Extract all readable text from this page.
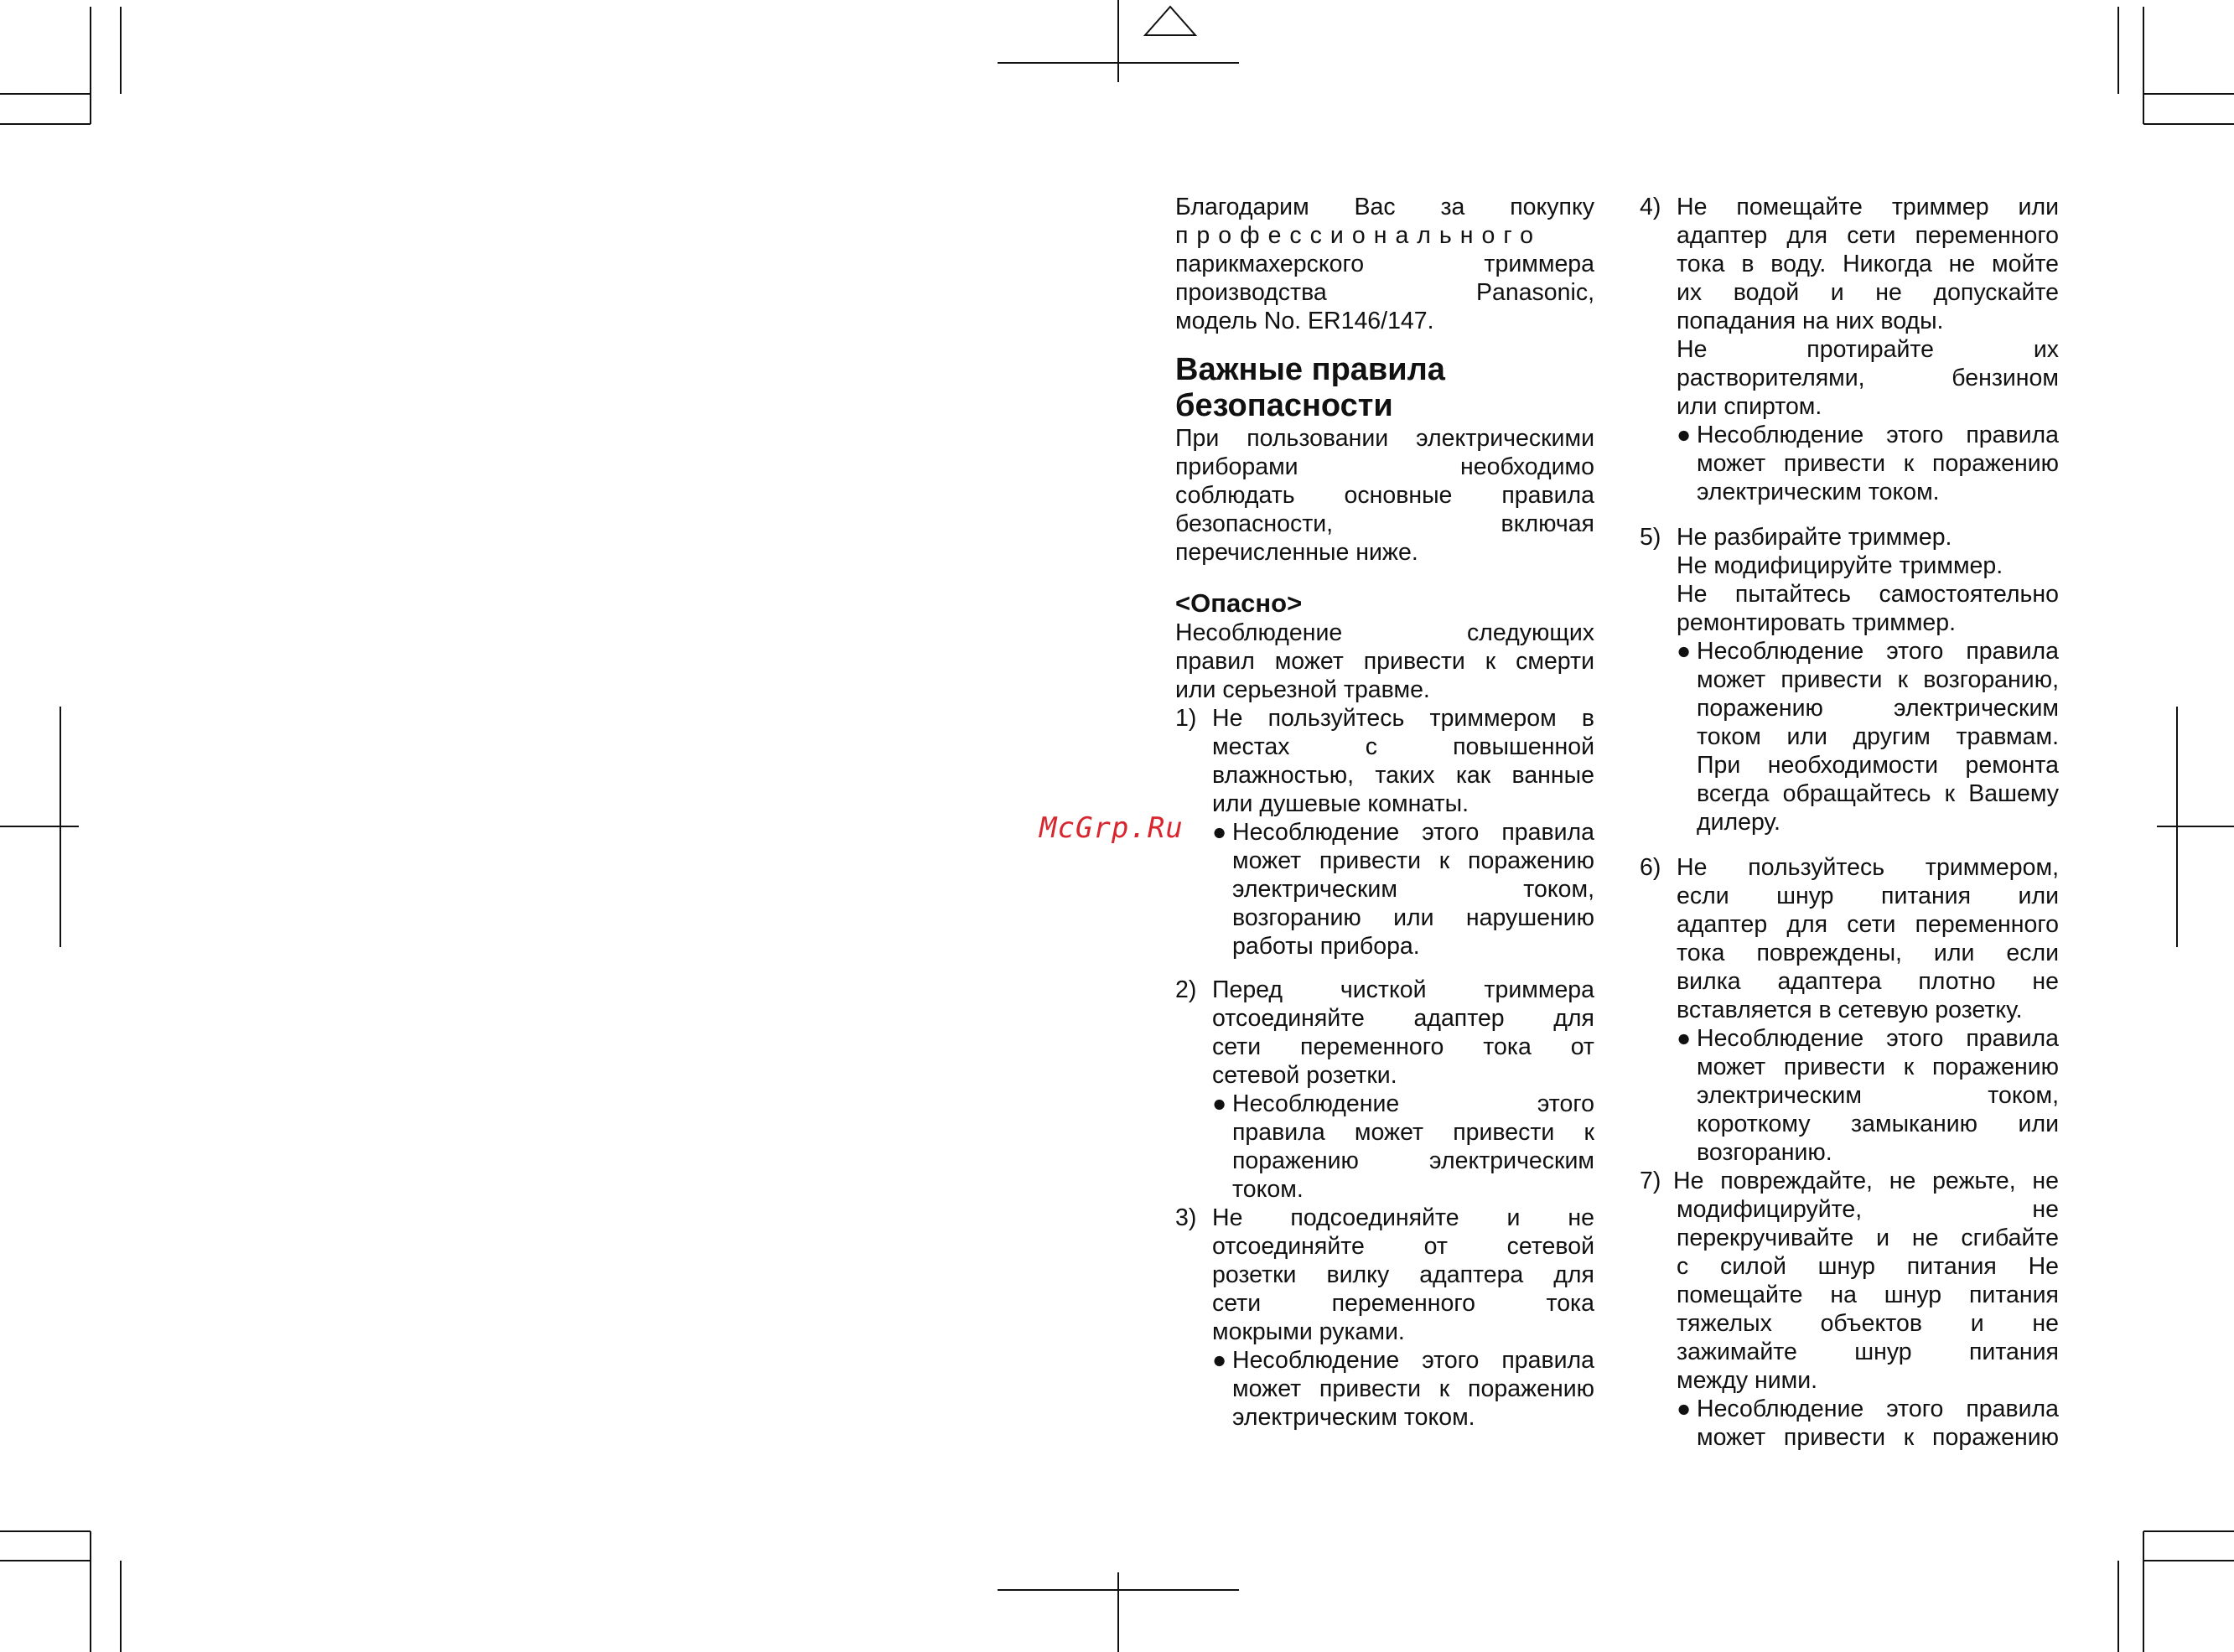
McGrp.Ru

Благодарим Вас за покупку

профессионального

парикмахерского триммера

производства Panasonic,

модель No. ER146/147.

Важные правила

безопасности

При пользовании электрическими

приборами необходимо

соблюдать основные правила

безопасности, включая

перечисленные ниже.

<Опасно>

Несоблюдение следующих

правил может привести к смерти

или серьезной травме.

1) Не пользуйтесь триммером в

местах с повышенной

влажностью, таких как ванные

или душевые комнаты.

● Несоблюдение этого правила

может привести к поражению

электрическим током,

возгоранию или нарушению

работы прибора.

2) Перед чисткой триммера

отсоединяйте адаптер для

сети переменного тока от

сетевой розетки.

● Несоблюдение этого

правила может привести к

поражению электрическим

током.

3) Не подсоединяйте и не

отсоединяйте от сетевой

розетки вилку адаптера для

сети переменного тока

мокрыми руками.

● Несоблюдение этого правила

может привести к поражению

электрическим током.

4) Не помещайте триммер или

адаптер для сети переменного

тока в воду. Никогда не мойте

их водой и не допускайте

попадания на них воды.

Не протирайте их

растворителями, бензином

или спиртом.

● Несоблюдение этого правила

может привести к поражению

электрическим током.

5) Не разбирайте триммер.

Не модифицируйте триммер.

Не пытайтесь самостоятельно

ремонтировать триммер.

● Несоблюдение этого правила

может привести к возгоранию,

поражению электрическим

током или другим травмам.

При необходимости ремонта

всегда обращайтесь к Вашему

дилеру.

6) Не пользуйтесь триммером,

если шнур питания или

адаптер для сети переменного

тока повреждены, или если

вилка адаптера плотно не

вставляется в сетевую розетку.

● Несоблюдение этого правила

может привести к поражению

электрическим током,

короткому замыканию или

возгоранию.

7) Не повреждайте, не режьте, не

модифицируйте, не

перекручивайте и не сгибайте

с силой шнур питания Не

помещайте на шнур питания

тяжелых объектов и не

зажимайте шнур питания

между ними.

● Несоблюдение этого правила

может привести к поражению
